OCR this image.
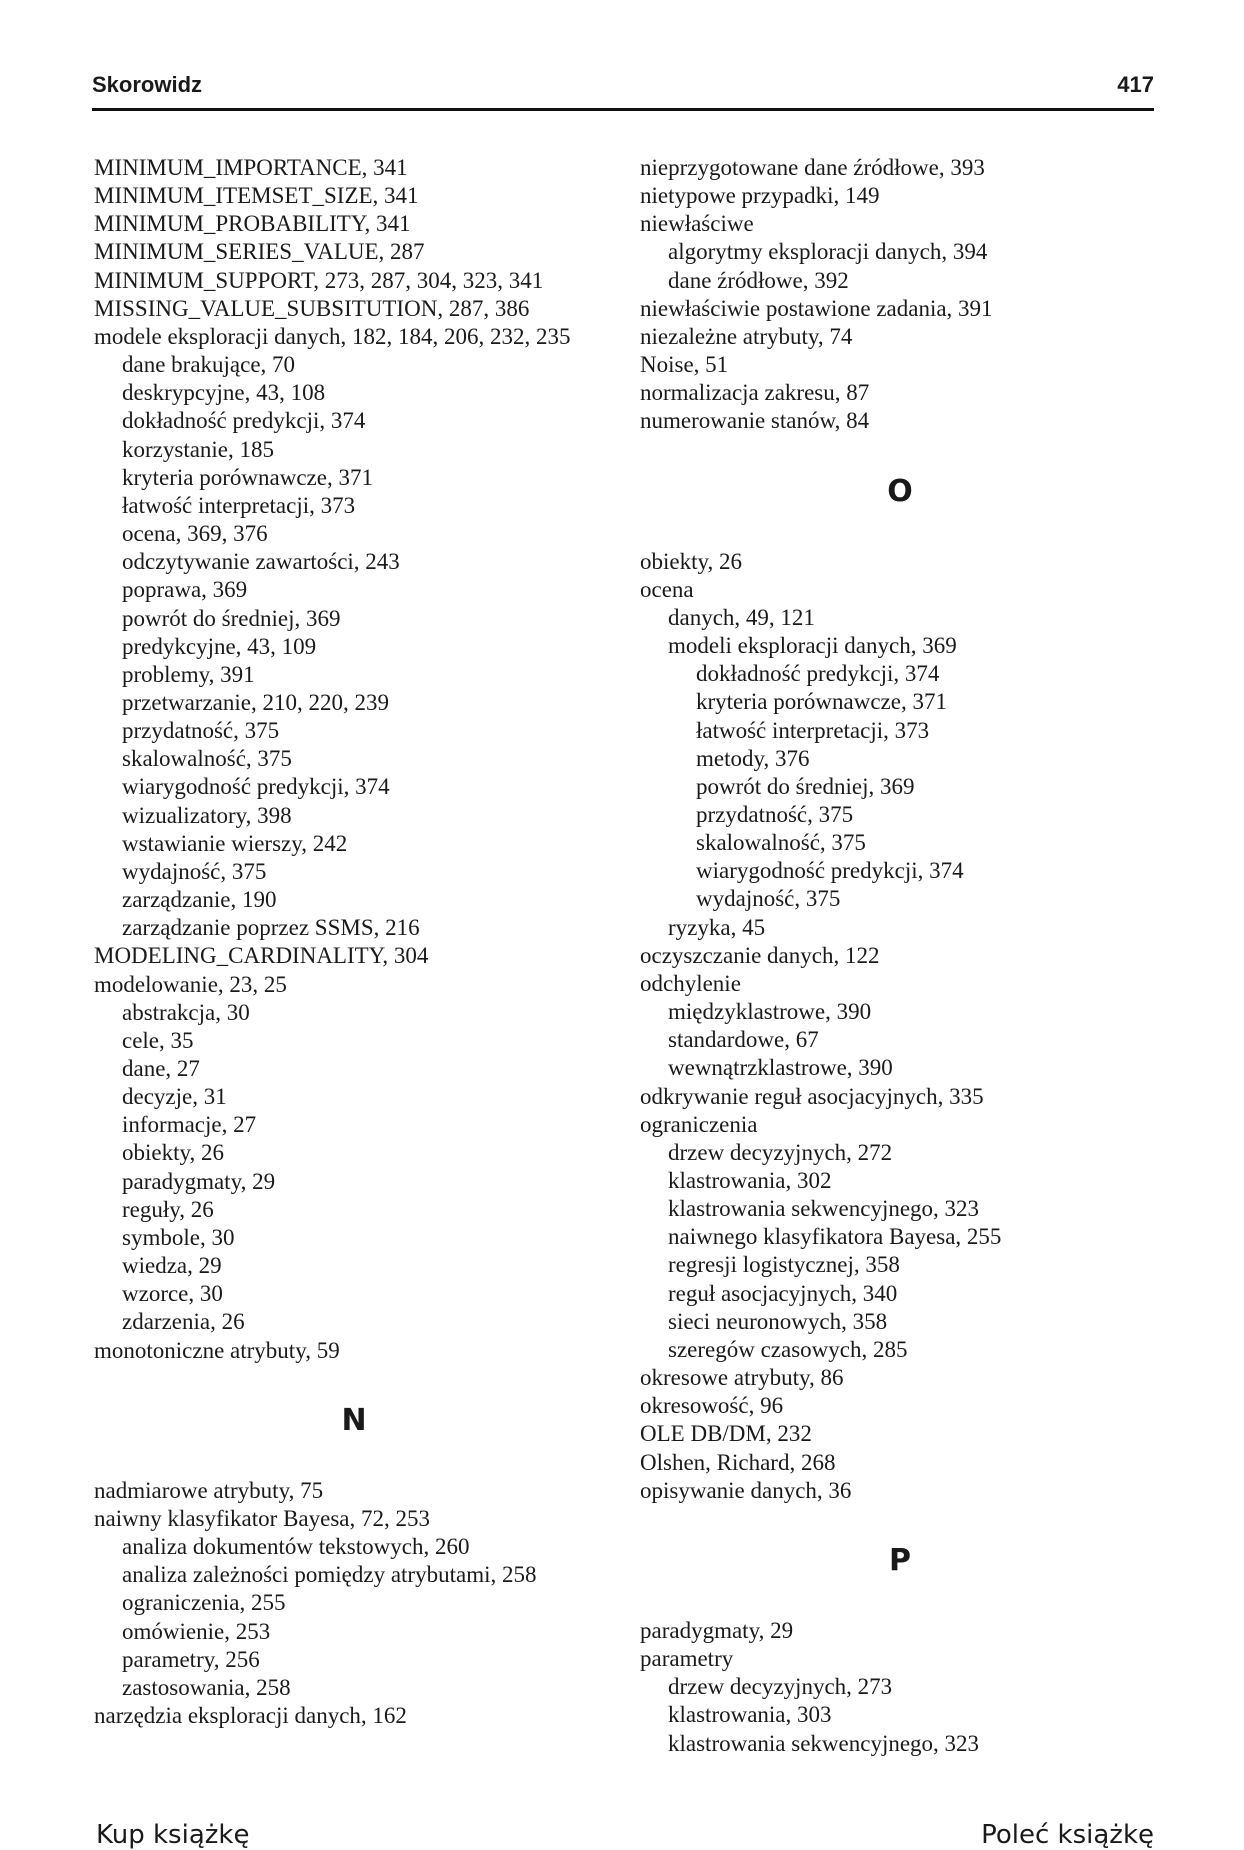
Skorowidz	417
MINIMUM_IMPORTANCE, 341
MINIMUM_ITEMSET_SIZE, 341
MINIMUM_PROBABILITY, 341
MINIMUM_SERIES_VALUE, 287
MINIMUM_SUPPORT, 273, 287, 304, 323, 341
MISSING_VALUE_SUBSITUTION, 287, 386
modele eksploracji danych, 182, 184, 206, 232, 235
dane brakujące, 70
deskrypcyjne, 43, 108
dokładność predykcji, 374
korzystanie, 185
kryteria porównawcze, 371
łatwość interpretacji, 373
ocena, 369, 376
odczytywanie zawartości, 243
poprawa, 369
powrót do średniej, 369
predykcyjne, 43, 109
problemy, 391
przetwarzanie, 210, 220, 239
przydatność, 375
skalowalność, 375
wiarygodność predykcji, 374
wizualizatory, 398
wstawianie wierszy, 242
wydajność, 375
zarządzanie, 190
zarządzanie poprzez SSMS, 216
MODELING_CARDINALITY, 304
modelowanie, 23, 25
abstrakcja, 30
cele, 35
dane, 27
decyzje, 31
informacje, 27
obiekty, 26
paradygmaty, 29
reguły, 26
symbole, 30
wiedza, 29
wzorce, 30
zdarzenia, 26
monotoniczne atrybuty, 59
N
nadmiarowe atrybuty, 75
naiwny klasyfikator Bayesa, 72, 253
analiza dokumentów tekstowych, 260
analiza zależności pomiędzy atrybutami, 258
ograniczenia, 255
omówienie, 253
parametry, 256
zastosowania, 258
narzędzia eksploracji danych, 162
nieprzygotowane dane źródłowe, 393
nietypowe przypadki, 149
niewłaściwe
algorytmy eksploracji danych, 394
dane źródłowe, 392
niewłaściwie postawione zadania, 391
niezależne atrybuty, 74
Noise, 51
normalizacja zakresu, 87
numerowanie stanów, 84
O
obiekty, 26
ocena
danych, 49, 121
modeli eksploracji danych, 369
dokładność predykcji, 374
kryteria porównawcze, 371
łatwość interpretacji, 373
metody, 376
powrót do średniej, 369
przydatność, 375
skalowalność, 375
wiarygodność predykcji, 374
wydajność, 375
ryzyka, 45
oczyszczanie danych, 122
odchylenie
międzyklastrowe, 390
standardowe, 67
wewnątrzklastrowe, 390
odkrywanie reguł asocjacyjnych, 335
ograniczenia
drzew decyzyjnych, 272
klastrowania, 302
klastrowania sekwencyjnego, 323
naiwnego klasyfikatora Bayesa, 255
regresji logistycznej, 358
reguł asocjacyjnych, 340
sieci neuronowych, 358
szeregów czasowych, 285
okresowe atrybuty, 86
okresowość, 96
OLE DB/DM, 232
Olshen, Richard, 268
opisywanie danych, 36
P
paradygmaty, 29
parametry
drzew decyzyjnych, 273
klastrowania, 303
klastrowania sekwencyjnego, 323
Kup książkę	Poleć książkę
